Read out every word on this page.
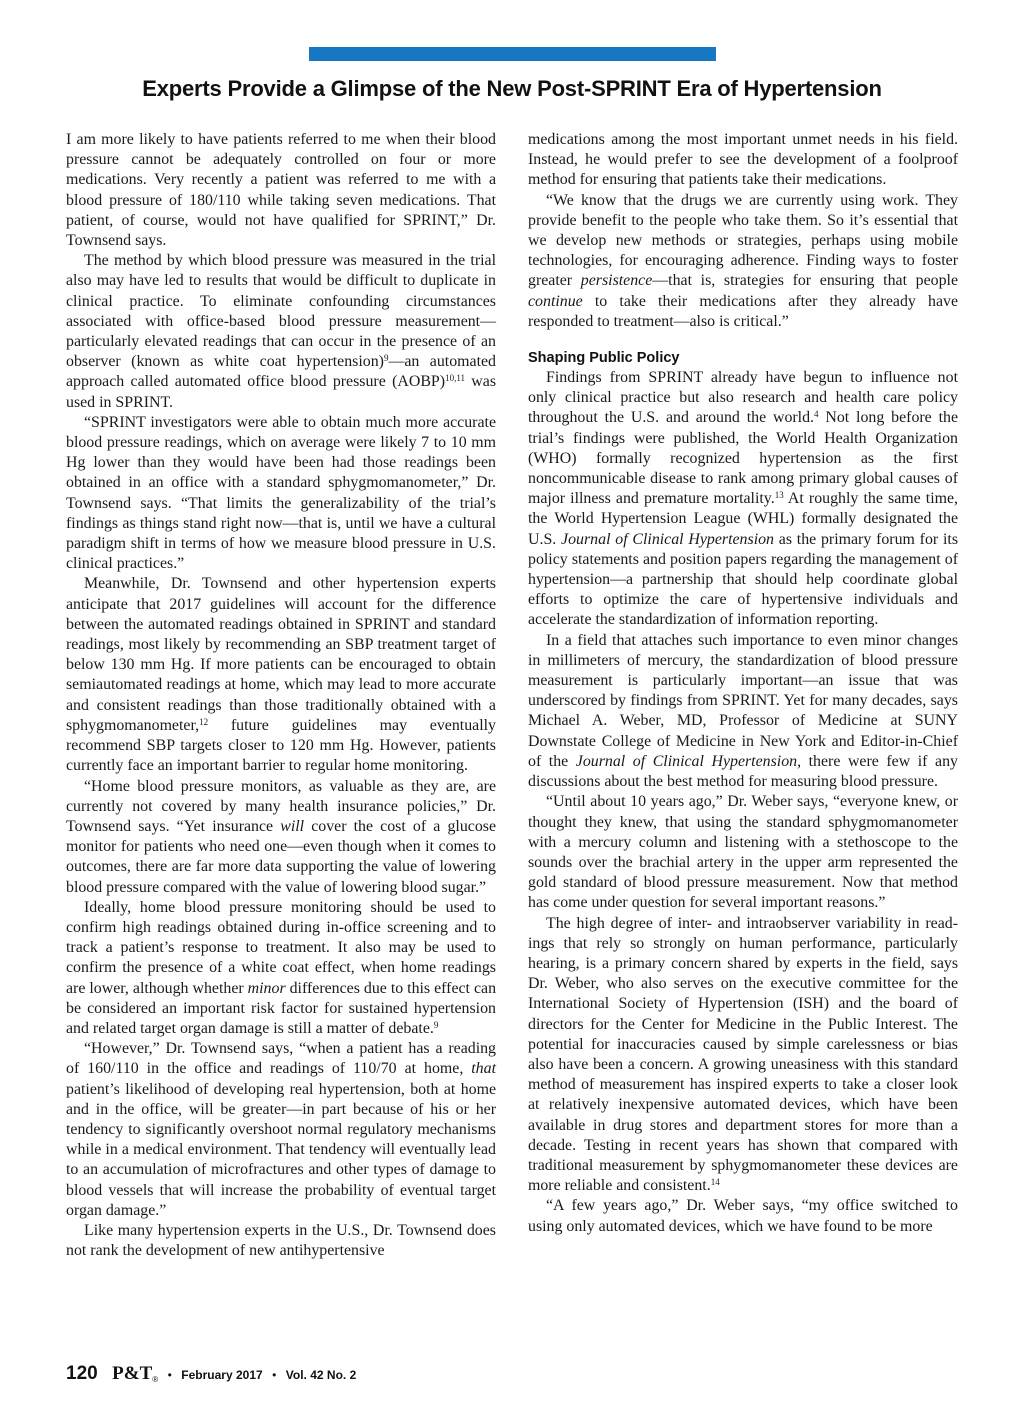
Experts Provide a Glimpse of the New Post-SPRINT Era of Hypertension

I am more likely to have patients referred to me when their blood pressure cannot be adequately controlled on four or more medications. Very recently a patient was referred to me with a blood pressure of 180/110 while taking seven medications. That patient, of course, would not have qualified for SPRINT,” Dr. Townsend says.

The method by which blood pressure was measured in the trial also may have led to results that would be difficult to duplicate in clinical practice. To eliminate confounding circumstances associated with office-based blood pressure measurement—particularly elevated readings that can occur in the presence of an observer (known as white coat hypertension)$^9$—an automated approach called automated office blood pressure (AOBP)$^{10,11}$ was used in SPRINT.

“SPRINT investigators were able to obtain much more accurate blood pressure readings, which on average were likely 7 to 10 mm Hg lower than they would have been had those readings been obtained in an office with a standard sphygmomanometer,” Dr. Townsend says. “That limits the generalizability of the trial’s findings as things stand right now—that is, until we have a cultural paradigm shift in terms of how we measure blood pressure in U.S. clinical practices.”

Meanwhile, Dr. Townsend and other hypertension experts anticipate that 2017 guidelines will account for the difference between the automated readings obtained in SPRINT and standard readings, most likely by recommending an SBP treatment target of below 130 mm Hg. If more patients can be encouraged to obtain semiautomated readings at home, which may lead to more accurate and consistent readings than those traditionally obtained with a sphygmomanometer,$^{12}$ future guidelines may eventually recommend SBP targets closer to 120 mm Hg. However, patients currently face an important barrier to regular home monitoring.

“Home blood pressure monitors, as valuable as they are, are currently not covered by many health insurance policies,” Dr. Townsend says. “Yet insurance will cover the cost of a glucose monitor for patients who need one—even though when it comes to outcomes, there are far more data supporting the value of lowering blood pressure compared with the value of lowering blood sugar.”

Ideally, home blood pressure monitoring should be used to confirm high readings obtained during in-office screening and to track a patient’s response to treatment. It also may be used to confirm the presence of a white coat effect, when home readings are lower, although whether minor differences due to this effect can be considered an important risk factor for sustained hypertension and related target organ damage is still a matter of debate.$^9$

“However,” Dr. Townsend says, “when a patient has a reading of 160/110 in the office and readings of 110/70 at home, that patient’s likelihood of developing real hypertension, both at home and in the office, will be greater—in part because of his or her tendency to significantly overshoot normal regulatory mechanisms while in a medical environment. That tendency will eventually lead to an accumulation of microfractures and other types of damage to blood vessels that will increase the probability of eventual target organ damage.”

Like many hypertension experts in the U.S., Dr. Townsend does not rank the development of new antihypertensive

medications among the most important unmet needs in his field. Instead, he would prefer to see the development of a foolproof method for ensuring that patients take their medications.

“We know that the drugs we are currently using work. They provide benefit to the people who take them. So it’s essential that we develop new methods or strategies, perhaps using mobile technologies, for encouraging adherence. Finding ways to foster greater persistence—that is, strategies for ensuring that people continue to take their medications after they already have responded to treatment—also is critical.”

Shaping Public Policy

Findings from SPRINT already have begun to influence not only clinical practice but also research and health care policy throughout the U.S. and around the world.$^4$ Not long before the trial’s findings were published, the World Health Organization (WHO) formally recognized hypertension as the first noncommunicable disease to rank among primary global causes of major illness and premature mortality.$^{13}$ At roughly the same time, the World Hypertension League (WHL) formally designated the U.S. Journal of Clinical Hypertension as the primary forum for its policy statements and position papers regarding the management of hypertension—a partnership that should help coordinate global efforts to optimize the care of hypertensive individuals and accelerate the standardization of information reporting.

In a field that attaches such importance to even minor changes in millimeters of mercury, the standardization of blood pressure measurement is particularly important—an issue that was underscored by findings from SPRINT. Yet for many decades, says Michael A. Weber, MD, Professor of Medicine at SUNY Downstate College of Medicine in New York and Editor-in-Chief of the Journal of Clinical Hypertension, there were few if any discussions about the best method for measuring blood pressure.

“Until about 10 years ago,” Dr. Weber says, “everyone knew, or thought they knew, that using the standard sphygmomanometer with a mercury column and listening with a stethoscope to the sounds over the brachial artery in the upper arm represented the gold standard of blood pressure measurement. Now that method has come under question for several important reasons.”

The high degree of inter- and intraobserver variability in readings that rely so strongly on human performance, particularly hearing, is a primary concern shared by experts in the field, says Dr. Weber, who also serves on the executive committee for the International Society of Hypertension (ISH) and the board of directors for the Center for Medicine in the Public Interest. The potential for inaccuracies caused by simple carelessness or bias also have been a concern. A growing uneasiness with this standard method of measurement has inspired experts to take a closer look at relatively inexpensive automated devices, which have been available in drug stores and department stores for more than a decade. Testing in recent years has shown that compared with traditional measurement by sphygmomanometer these devices are more reliable and consistent.$^{14}$

“A few years ago,” Dr. Weber says, “my office switched to using only automated devices, which we have found to be more

120 P&T® • February 2017 • Vol. 42 No. 2
